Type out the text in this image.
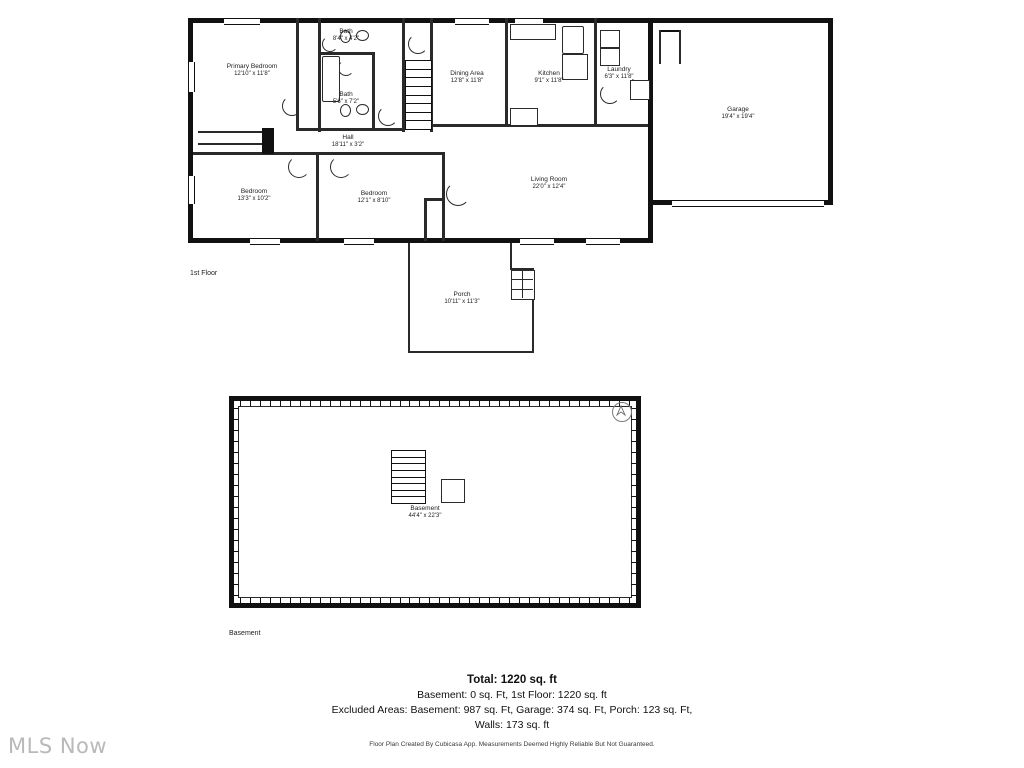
Primary Bedroom
12'10" x 11'8"
Bath
8'4" x 4'2"
Bath
5'6" x 7'2"
Dining Area
12'8" x 11'8"
Kitchen
9'1" x 11'8"
Laundry
6'3" x 11'8"
Garage
19'4" x 19'4"
Hall
18'11" x 3'2"
Bedroom
13'3" x 10'2"
Bedroom
12'1" x 8'10"
Living Room
22'0" x 12'4"
Porch
10'11" x 11'3"
1st Floor
Basement
44'4" x 22'3"
Basement
Total: 1220 sq. ft
Basement: 0 sq. Ft, 1st Floor: 1220 sq. ft
Excluded Areas: Basement: 987 sq. Ft, Garage: 374 sq. Ft, Porch: 123 sq. Ft,
Walls: 173 sq. ft
Floor Plan Created By Cubicasa App. Measurements Deemed Highly Reliable But Not Guaranteed.
MLS Now
